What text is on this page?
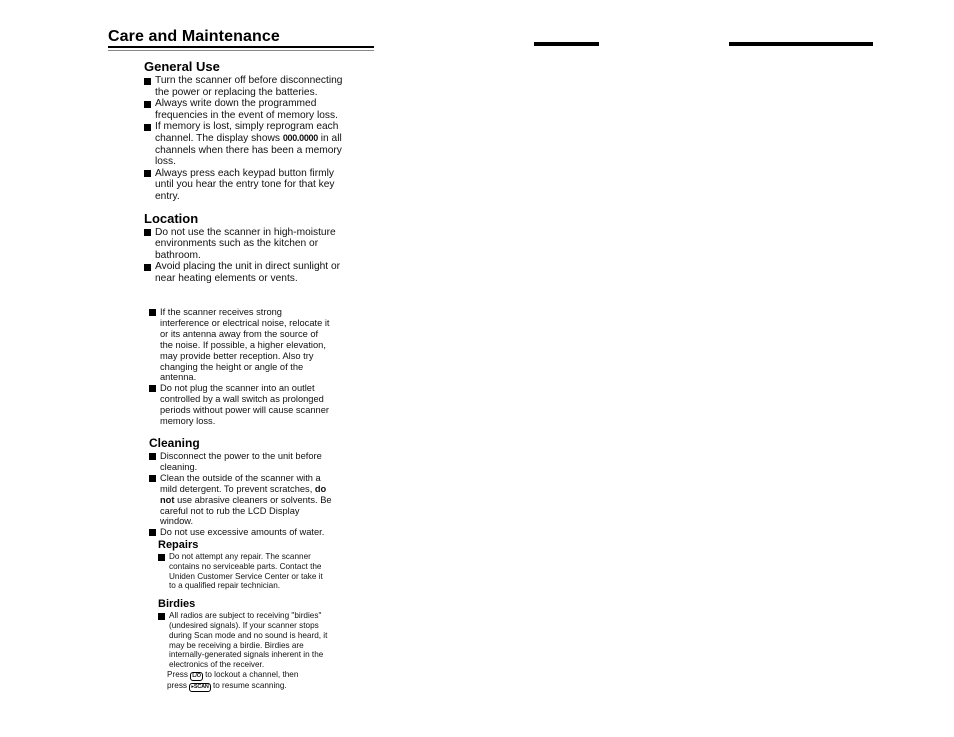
Care and Maintenance
General Use
Turn the scanner off before disconnecting the power or replacing the batteries.
Always write down the programmed frequencies in the event of memory loss.
If memory is lost, simply reprogram each channel. The display shows 000.0000 in all channels when there has been a memory loss.
Always press each keypad button firmly until you hear the entry tone for that key entry.
Location
Do not use the scanner in high-moisture environments such as the kitchen or bathroom.
Avoid placing the unit in direct sunlight or near heating elements or vents.
If the scanner receives strong interference or electrical noise, relocate it or its antenna away from the source of the noise. If possible, a higher elevation, may provide better reception. Also try changing the height or angle of the antenna.
Do not plug the scanner into an outlet controlled by a wall switch as prolonged periods without power will cause scanner memory loss.
Cleaning
Disconnect the power to the unit before cleaning.
Clean the outside of the scanner with a mild detergent. To prevent scratches, do not use abrasive cleaners or solvents. Be careful not to rub the LCD Display window.
Do not use excessive amounts of water.
Repairs
Do not attempt any repair. The scanner contains no serviceable parts. Contact the Uniden Customer Service Center or take it to a qualified repair technician.
Birdies
All radios are subject to receiving "birdies" (undesired signals). If your scanner stops during Scan mode and no sound is heard, it may be receiving a birdie. Birdies are internally-generated signals inherent in the electronics of the receiver.
Press L/O to lockout a channel, then
press ▸SCAN to resume scanning.
